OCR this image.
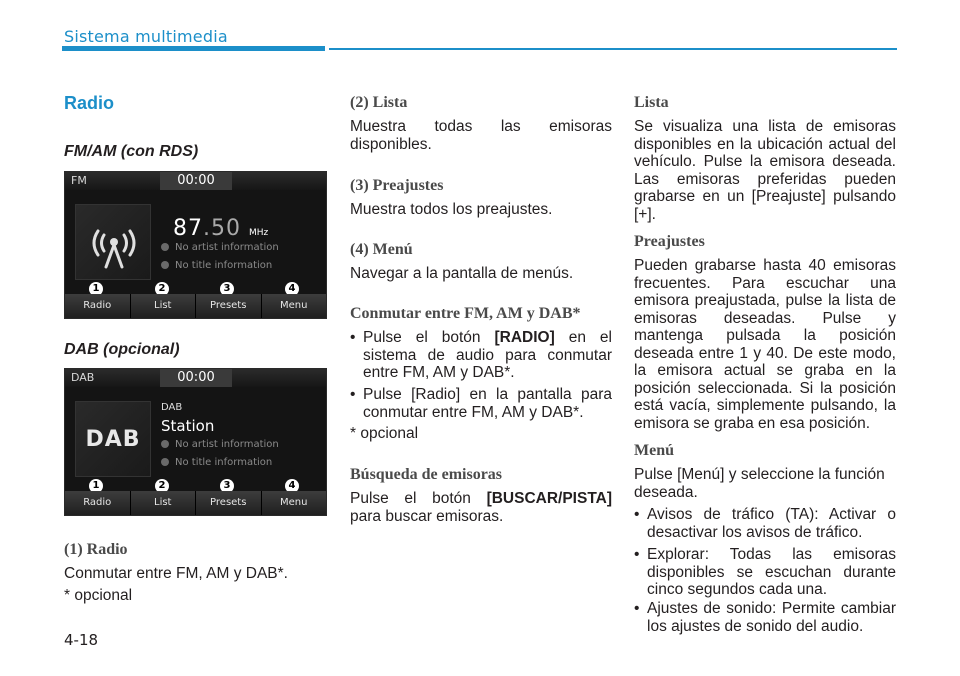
Sistema multimedia
Radio
FM/AM (con RDS)
FM	00:00
87.50 MHz
No artist information
No title information
1	2	3	4
Radio	List	Presets	Menu
DAB (opcional)
DAB	00:00
DAB
DAB
Station
No artist information
No title information
1	2	3	4
Radio	List	Presets	Menu
(1) Radio
Conmutar entre FM, AM y DAB*.
* opcional
(2) Lista
Muestra todas las emisoras disponibles.
(3) Preajustes
Muestra todos los preajustes.
(4) Menú
Navegar a la pantalla de menús.
Conmutar entre FM, AM y DAB*
• Pulse el botón [RADIO] en el sistema de audio para conmutar entre FM, AM y DAB*.
• Pulse [Radio] en la pantalla para conmutar entre FM, AM y DAB*.
* opcional
Búsqueda de emisoras
Pulse el botón [BUSCAR/PISTA] para buscar emisoras.
Lista
Se visualiza una lista de emisoras disponibles en la ubicación actual del vehículo. Pulse la emisora deseada. Las emisoras preferidas pueden grabarse en un [Preajuste] pulsando [+].
Preajustes
Pueden grabarse hasta 40 emisoras frecuentes. Para escuchar una emisora preajustada, pulse la lista de emisoras deseadas. Pulse y mantenga pulsada la posición deseada entre 1 y 40. De este modo, la emisora actual se graba en la posición seleccionada. Si la posición está vacía, simplemente pulsando, la emisora se graba en esa posición.
Menú
Pulse [Menú] y seleccione la función deseada.
• Avisos de tráfico (TA): Activar o desactivar los avisos de tráfico.
• Explorar: Todas las emisoras disponibles se escuchan durante cinco segundos cada una.
• Ajustes de sonido: Permite cambiar los ajustes de sonido del audio.
4-18
